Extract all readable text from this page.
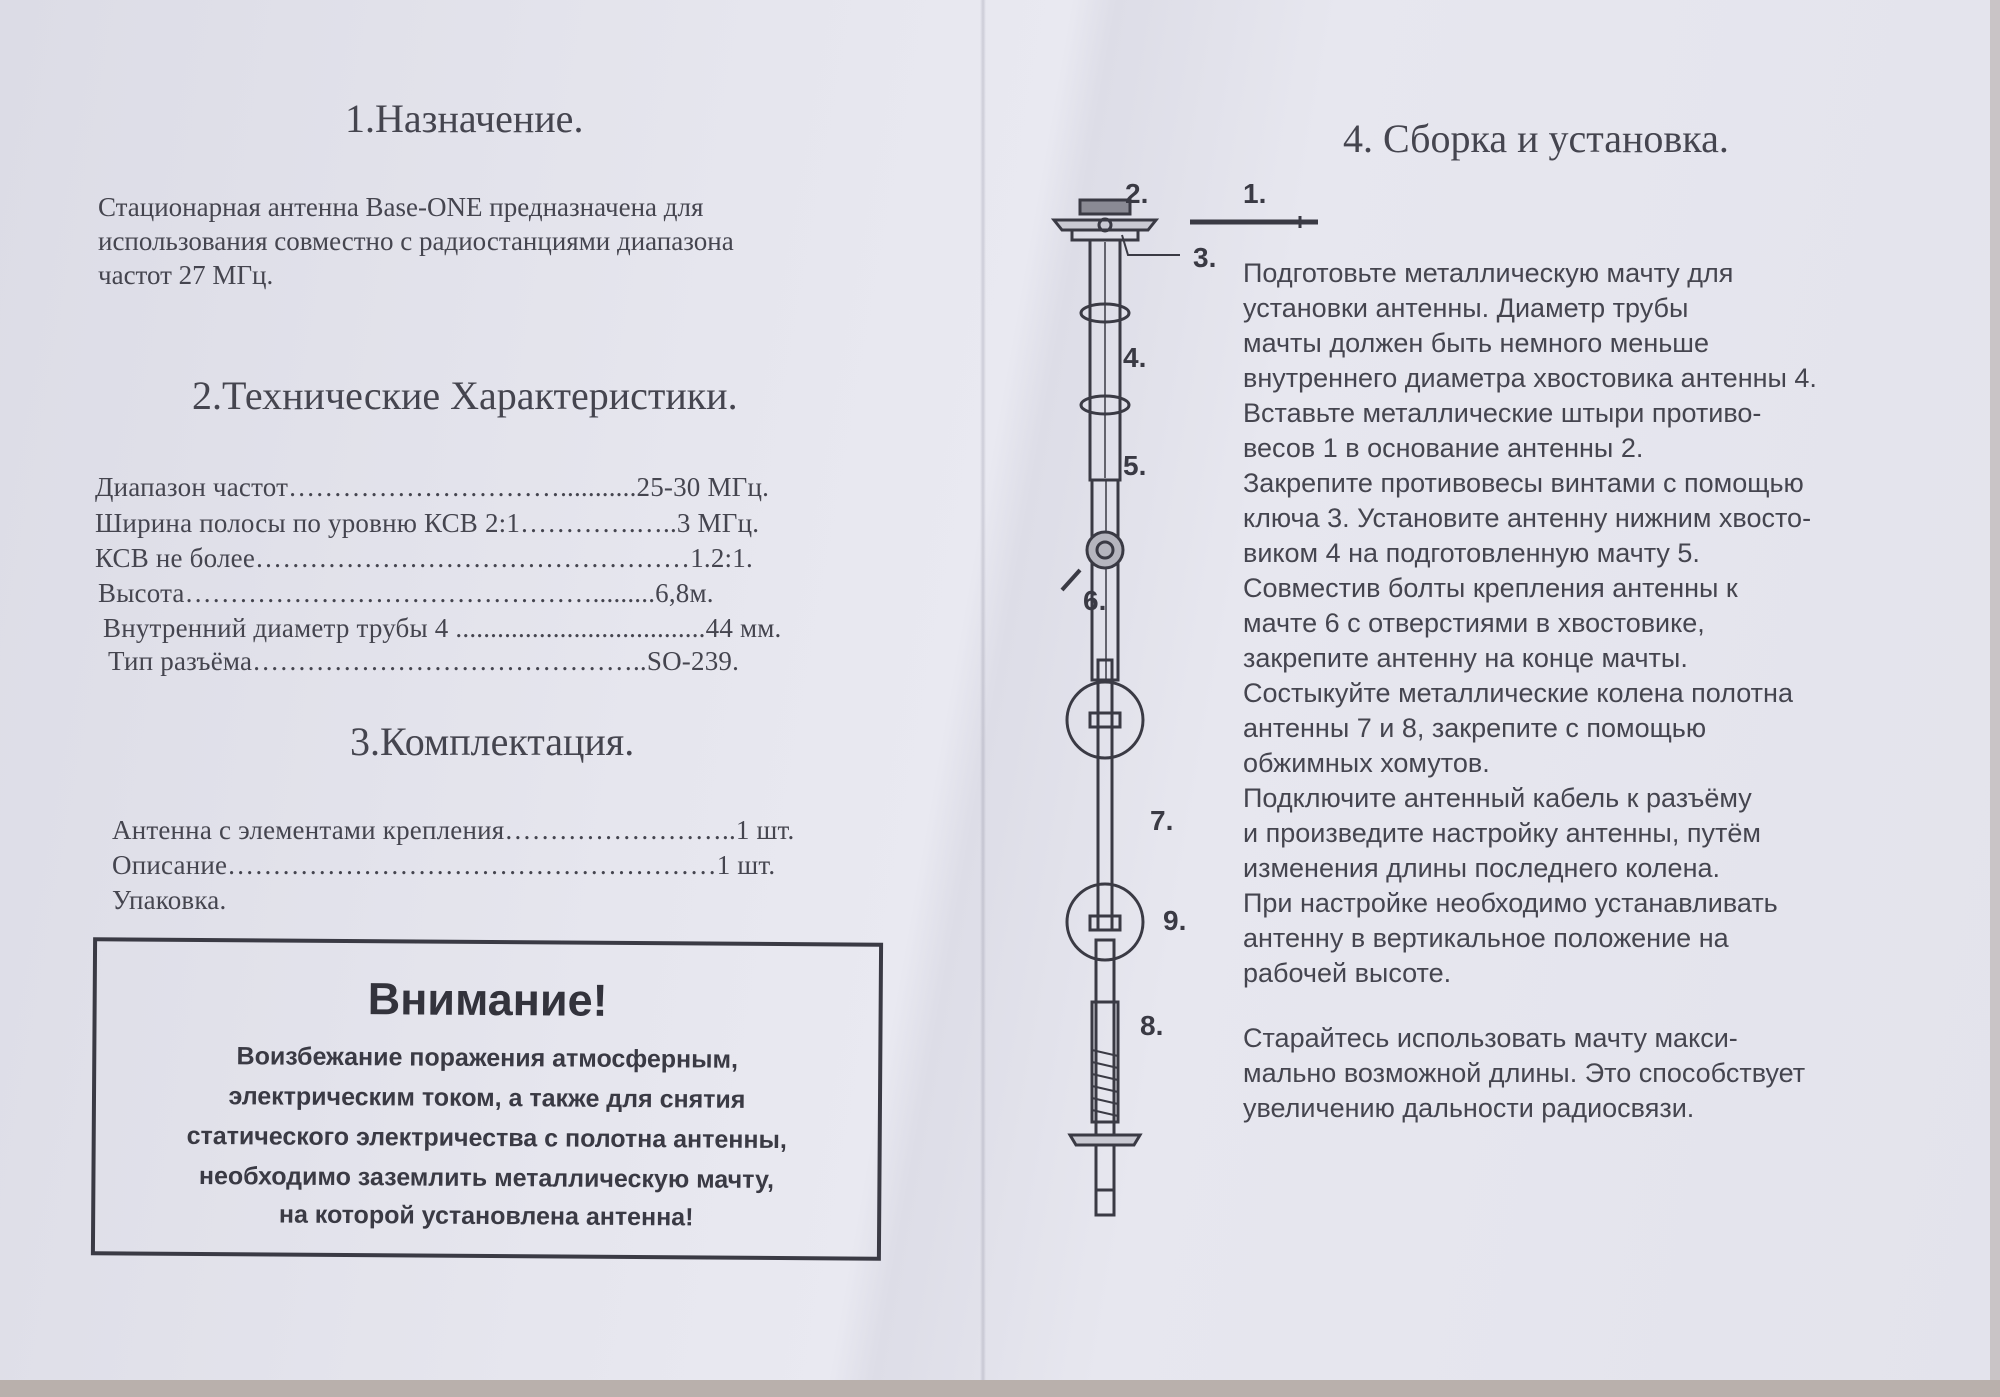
1.Назначение.
Стационарная антенна Base-ONE предназначена для
использования совместно с радиостанциями диапазона
частот 27 МГц.
2.Технические Характеристики.
Диапазон частот…………………………...........25-30 МГц.
Ширина полосы по уровню КСВ 2:1………….…..3 МГц.
КСВ не более…………………………………………1.2:1.
Высота……………………………………….........6,8м.
Внутренний диаметр трубы 4 ....................................44 мм.
Тип разъёма……………………………………..SO-239.
3.Комплектация.
Антенна с элементами крепления……………………..1 шт.
Описание………………………………………………1 шт.
Упаковка.
Внимание!
Воизбежание поражения атмосферным,
электрическим током, а также для снятия
статического электричества с полотна антенны,
необходимо заземлить металлическую мачту,
на которой установлена антенна!
4. Сборка и установка.
Подготовьте металлическую мачту для
установки антенны. Диаметр трубы
мачты должен быть немного меньше
внутреннего диаметра хвостовика антенны 4.
Вставьте металлические штыри противо-
весов 1 в основание антенны 2.
Закрепите противовесы винтами с помощью
ключа 3. Установите антенну нижним хвосто-
виком 4 на подготовленную мачту 5.
Совместив болты крепления антенны к
мачте 6 с отверстиями в хвостовике,
закрепите антенну на конце мачты.
Состыкуйте металлические колена полотна
антенны 7 и 8, закрепите с помощью
обжимных хомутов.
Подключите антенный кабель к разъёму
и произведите настройку антенны, путём
изменения длины последнего колена.
При настройке необходимо устанавливать
антенну в вертикальное положение на
рабочей высоте.
Старайтесь использовать мачту макси-
мально возможной длины. Это способствует
увеличению дальности радиосвязи.
2.	1.
3.
4.
5.
6.
7.
9.
8.
